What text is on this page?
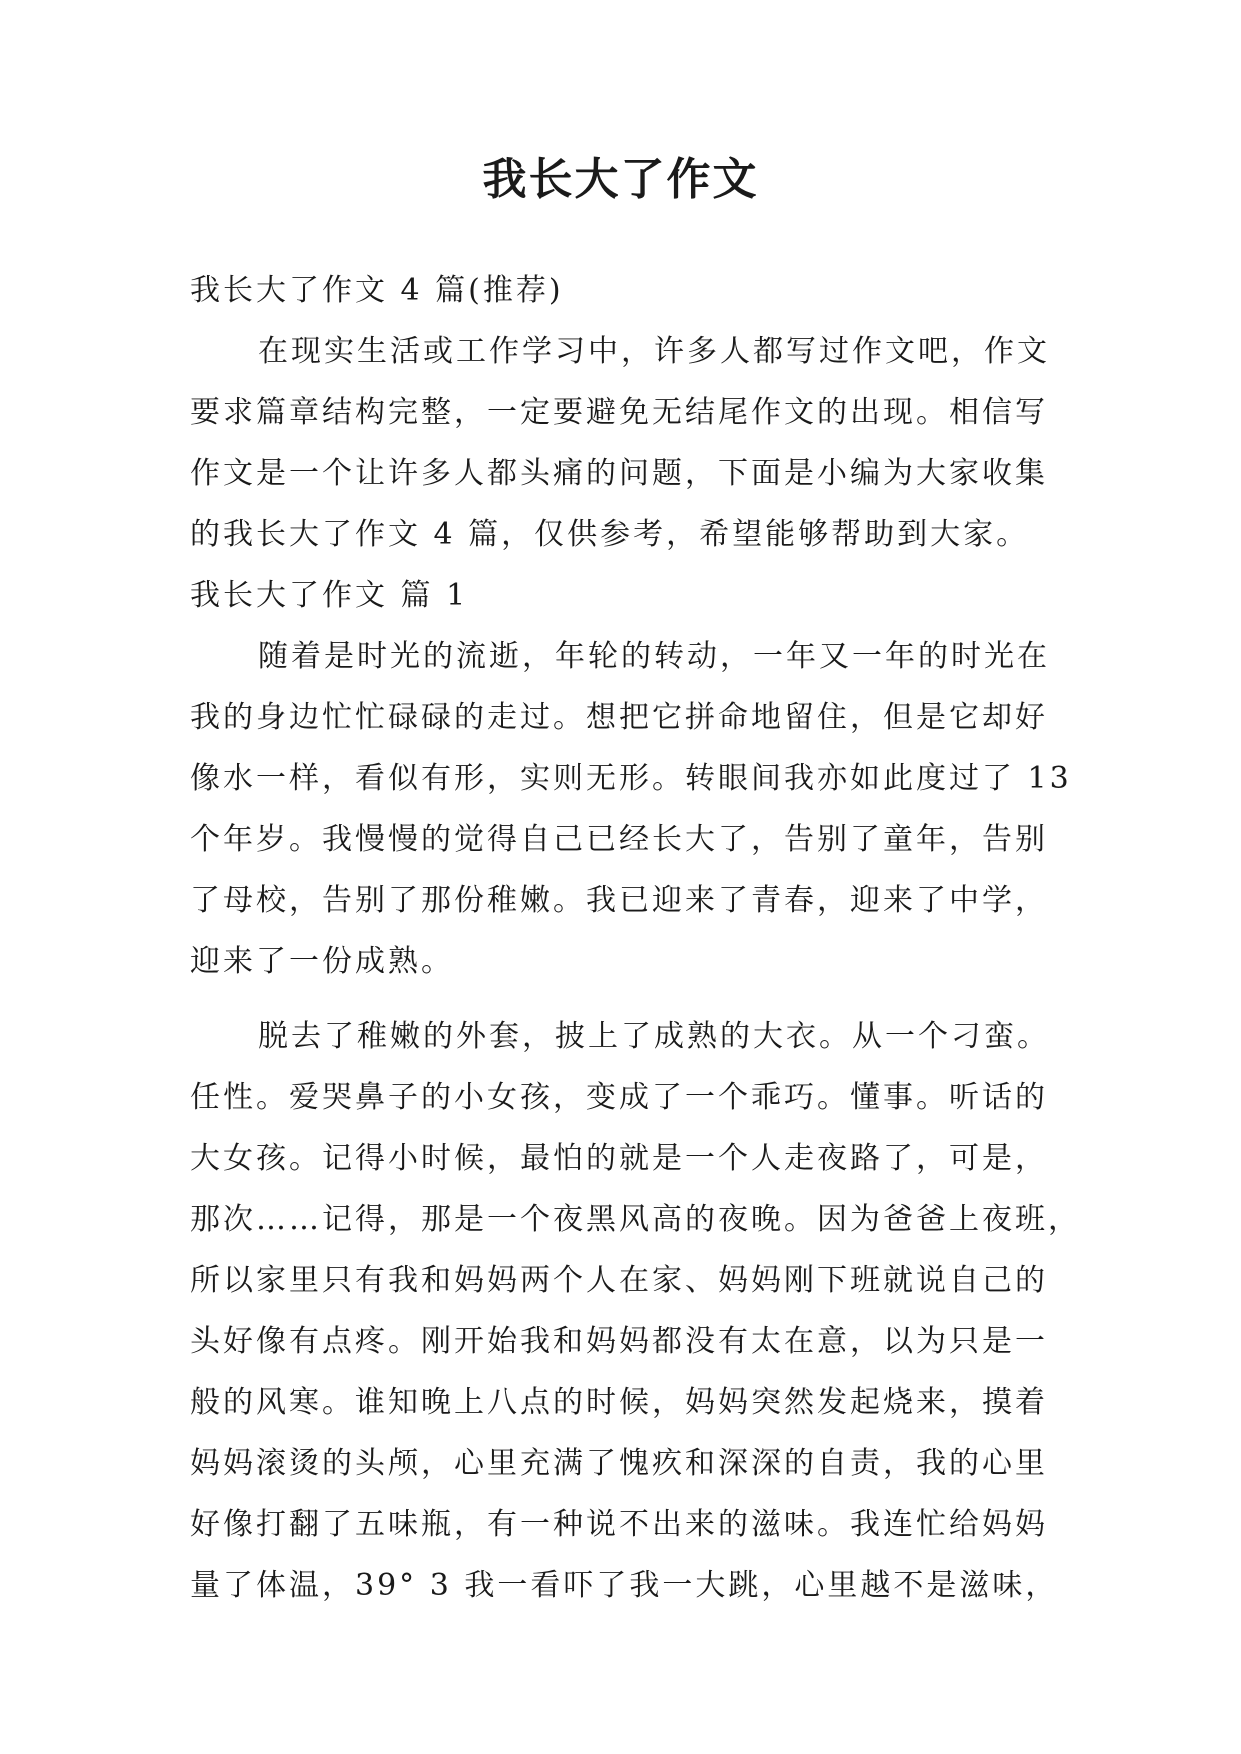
我长大了作文
我长大了作文 4 篇(推荐)
在现实生活或工作学习中，许多人都写过作文吧，作文
要求篇章结构完整，一定要避免无结尾作文的出现。相信写
作文是一个让许多人都头痛的问题，下面是小编为大家收集
的我长大了作文 4 篇，仅供参考，希望能够帮助到大家。
我长大了作文 篇 1
随着是时光的流逝，年轮的转动，一年又一年的时光在
我的身边忙忙碌碌的走过。想把它拼命地留住，但是它却好
像水一样，看似有形，实则无形。转眼间我亦如此度过了 13
个年岁。我慢慢的觉得自己已经长大了，告别了童年，告别
了母校，告别了那份稚嫩。我已迎来了青春，迎来了中学，
迎来了一份成熟。
脱去了稚嫩的外套，披上了成熟的大衣。从一个刁蛮。
任性。爱哭鼻子的小女孩，变成了一个乖巧。懂事。听话的
大女孩。记得小时候，最怕的就是一个人走夜路了，可是，
那次……记得，那是一个夜黑风高的夜晚。因为爸爸上夜班，
所以家里只有我和妈妈两个人在家、妈妈刚下班就说自己的
头好像有点疼。刚开始我和妈妈都没有太在意，以为只是一
般的风寒。谁知晚上八点的时候，妈妈突然发起烧来，摸着
妈妈滚烫的头颅，心里充满了愧疚和深深的自责，我的心里
好像打翻了五味瓶，有一种说不出来的滋味。我连忙给妈妈
量了体温，39° 3 我一看吓了我一大跳，心里越不是滋味，
